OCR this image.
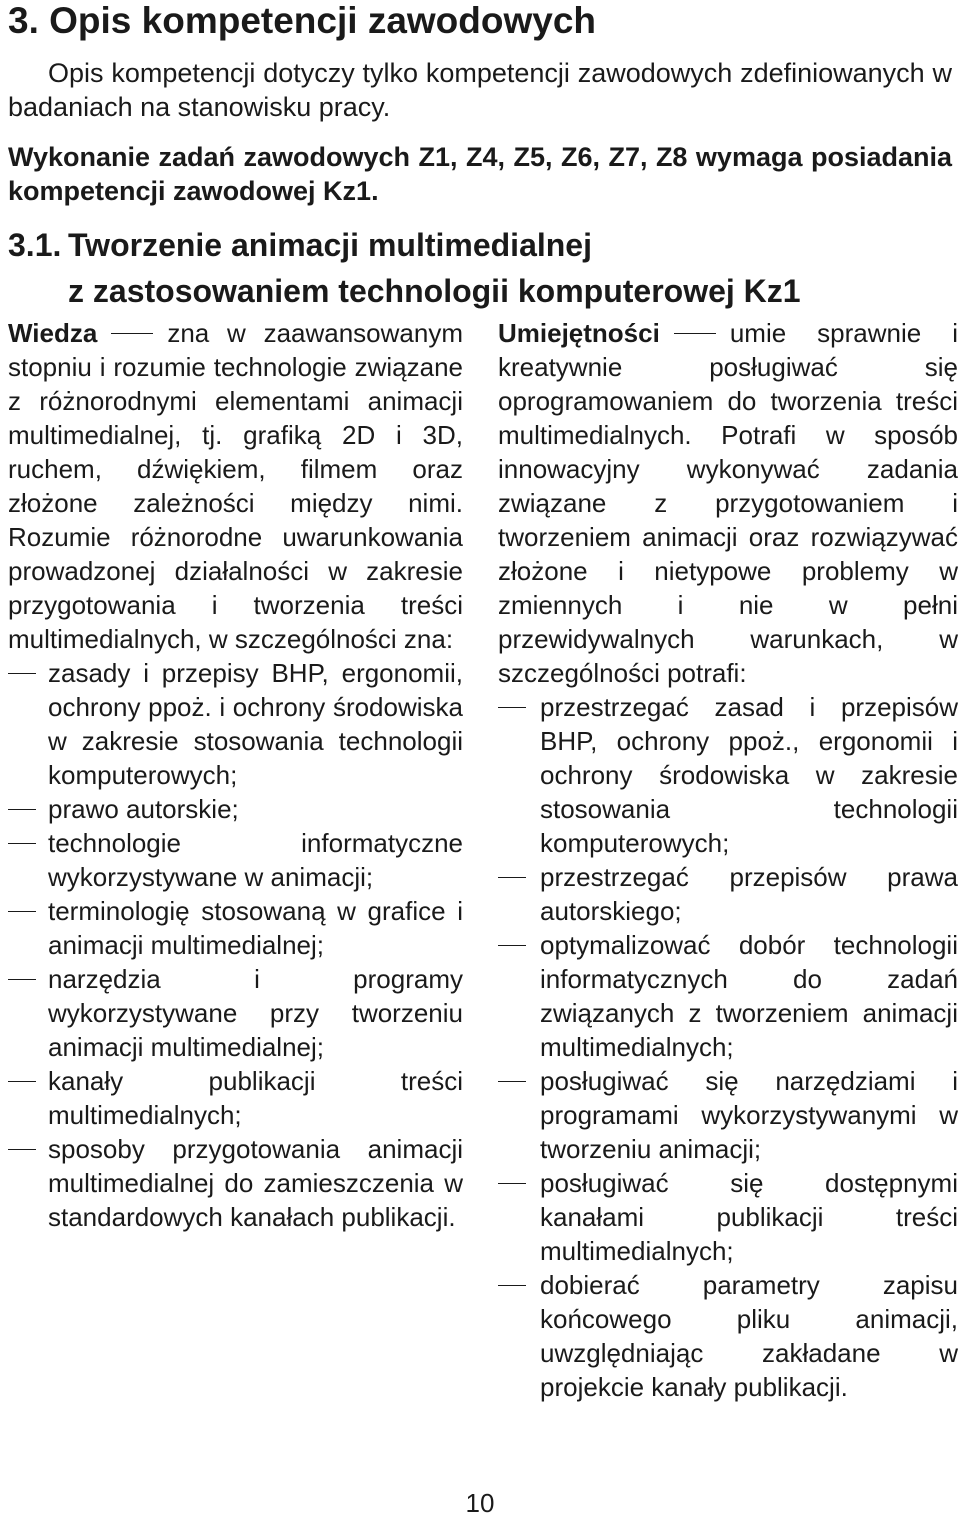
3. Opis kompetencji zawodowych

Opis kompetencji dotyczy tylko kompetencji zawodowych zdefiniowanych w badaniach na stanowisku pracy.

Wykonanie zadań zawodowych Z1, Z4, Z5, Z6, Z7, Z8 wymaga posiadania kompetencji zawodowej Kz1.

3.1. Tworzenie animacji multimedialnej
z zastosowaniem technologii komputerowej Kz1

Wiedza	zna w zaawansowanym stopniu i rozumie technologie związane z różnorodnymi elementami animacji multimedialnej, tj. grafiką 2D i 3D, ruchem, dźwiękiem, filmem oraz złożone zależności między nimi. Rozumie różnorodne uwarunkowania prowadzonej działalności w zakresie przygotowania i tworzenia treści multimedialnych, w szczególności zna:

zasady i przepisy BHP, ergonomii, ochrony ppoż. i ochrony środowiska w zakresie stosowania technologii komputerowych;
prawo autorskie;
technologie informatyczne wykorzystywane w animacji;
terminologię stosowaną w grafice i animacji multimedialnej;
narzędzia i programy wykorzystywane przy tworzeniu animacji multimedialnej;
kanały publikacji treści multimedialnych;
sposoby przygotowania animacji multimedialnej do zamieszczenia w standardowych kanałach publikacji.

Umiejętności	umie sprawnie i kreatywnie posługiwać się oprogramowaniem do tworzenia treści multimedialnych. Potrafi w sposób innowacyjny wykonywać zadania związane z przygotowaniem i tworzeniem animacji oraz rozwiązywać złożone i nietypowe problemy w zmiennych i nie w pełni przewidywalnych warunkach, w szczególności potrafi:

przestrzegać zasad i przepisów BHP, ochrony ppoż., ergonomii i ochrony środowiska w zakresie stosowania technologii komputerowych;
przestrzegać przepisów prawa autorskiego;
optymalizować dobór technologii informatycznych do zadań związanych z tworzeniem animacji multimedialnych;
posługiwać się narzędziami i programami wykorzystywanymi w tworzeniu animacji;
posługiwać się dostępnymi kanałami publikacji treści multimedialnych;
dobierać parametry zapisu końcowego pliku animacji, uwzględniając zakładane w projekcie kanały publikacji.
10
